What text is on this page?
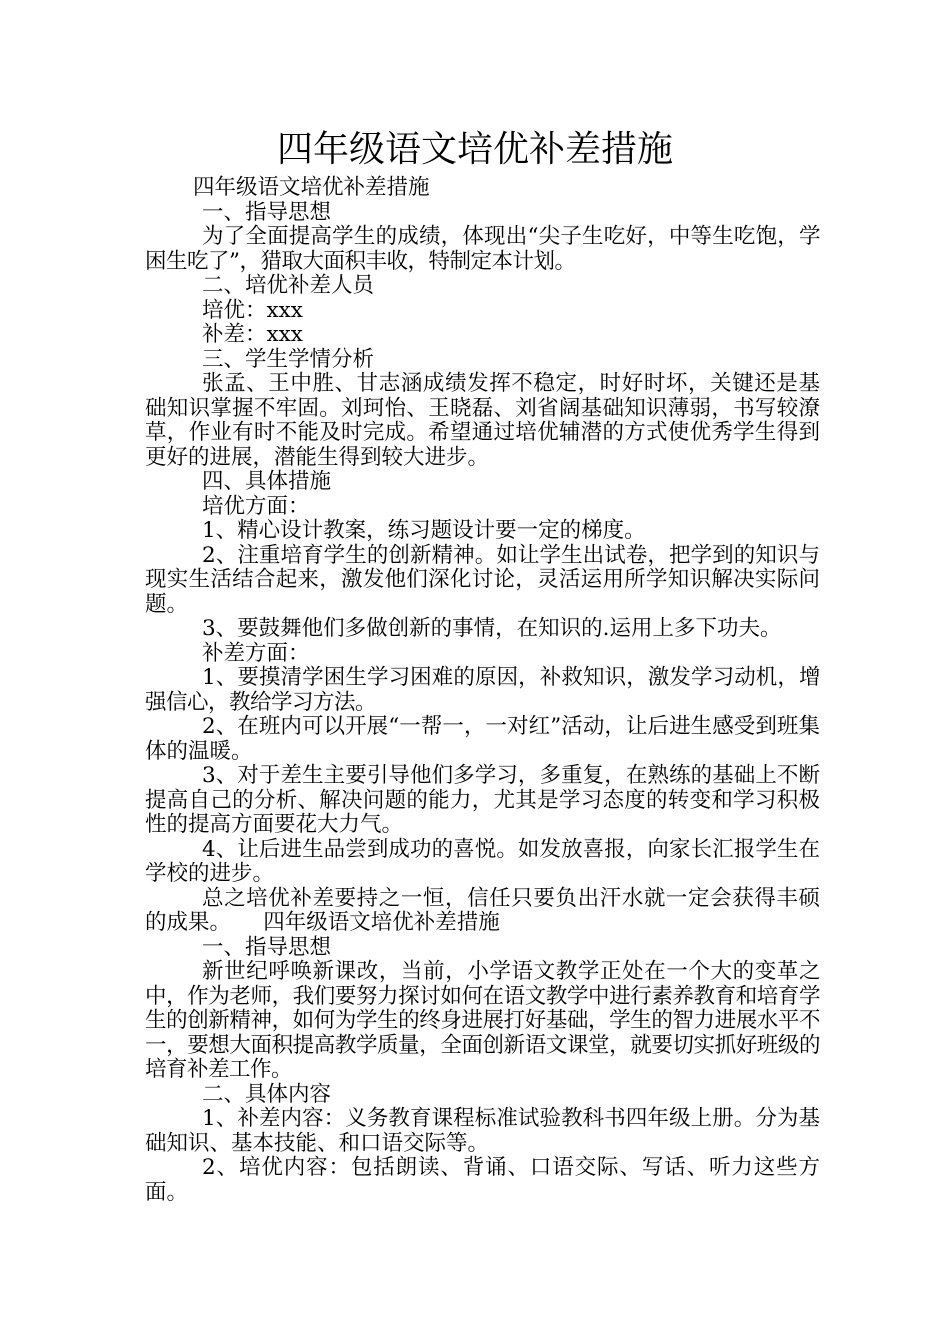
四年级语文培优补差措施

四年级语文培优补差措施

一、指导思想

为了全面提高学生的成绩，体现出“尖子生吃好，中等生吃饱，学困生吃了”，猎取大面积丰收，特制定本计划。

二、培优补差人员

培优：xxx

补差：xxx

三、学生学情分析

张孟、王中胜、甘志涵成绩发挥不稳定，时好时坏，关键还是基础知识掌握不牢固。刘珂怡、王晓磊、刘省阔基础知识薄弱，书写较潦草，作业有时不能及时完成。希望通过培优辅潜的方式使优秀学生得到更好的进展，潜能生得到较大进步。

四、具体措施

培优方面：

1、精心设计教案，练习题设计要一定的梯度。

2、注重培育学生的创新精神。如让学生出试卷，把学到的知识与现实生活结合起来，激发他们深化讨论，灵活运用所学知识解决实际问题。

3、要鼓舞他们多做创新的事情，在知识的.运用上多下功夫。

补差方面：

1、要摸清学困生学习困难的原因，补救知识，激发学习动机，增强信心，教给学习方法。

2、在班内可以开展“一帮一，一对红”活动，让后进生感受到班集体的温暖。

3、对于差生主要引导他们多学习，多重复，在熟练的基础上不断提高自己的分析、解决问题的能力，尤其是学习态度的转变和学习积极性的提高方面要花大力气。

4、让后进生品尝到成功的喜悦。如发放喜报，向家长汇报学生在学校的进步。

总之培优补差要持之一恒，信任只要负出汗水就一定会获得丰硕的成果。　　四年级语文培优补差措施

一、指导思想

新世纪呼唤新课改，当前，小学语文教学正处在一个大的变革之中，作为老师，我们要努力探讨如何在语文教学中进行素养教育和培育学生的创新精神，如何为学生的终身进展打好基础，学生的智力进展水平不一，要想大面积提高教学质量，全面创新语文课堂，就要切实抓好班级的培育补差工作。

二、具体内容

1、补差内容：义务教育课程标准试验教科书四年级上册。分为基础知识、基本技能、和口语交际等。

2、培优内容：包括朗读、背诵、口语交际、写话、听力这些方面。
